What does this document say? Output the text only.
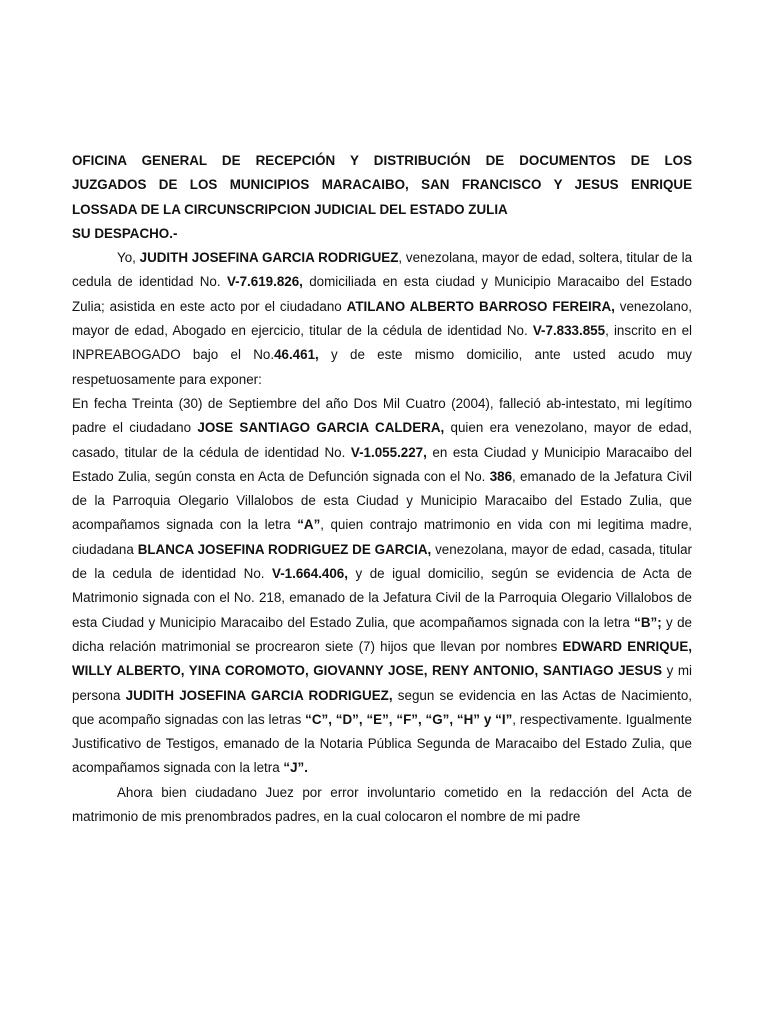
OFICINA GENERAL DE RECEPCIÓN Y DISTRIBUCIÓN DE DOCUMENTOS DE LOS

JUZGADOS DE LOS MUNICIPIOS MARACAIBO, SAN FRANCISCO Y JESUS ENRIQUE

LOSSADA DE LA CIRCUNSCRIPCION JUDICIAL DEL ESTADO ZULIA

SU DESPACHO.-

Yo, JUDITH JOSEFINA GARCIA RODRIGUEZ, venezolana, mayor de edad, soltera, titular de la cedula de identidad No. V-7.619.826, domiciliada en esta ciudad y Municipio Maracaibo del Estado Zulia; asistida en este acto por el ciudadano ATILANO ALBERTO BARROSO FEREIRA, venezolano, mayor de edad, Abogado en ejercicio, titular de la cédula de identidad No. V-7.833.855, inscrito en el INPREABOGADO bajo el No.46.461, y de este mismo domicilio, ante usted acudo muy respetuosamente para exponer:

En fecha Treinta (30) de Septiembre del año Dos Mil Cuatro (2004), falleció ab-intestato, mi legítimo padre el ciudadano JOSE SANTIAGO GARCIA CALDERA, quien era venezolano, mayor de edad, casado, titular de la cédula de identidad No. V-1.055.227, en esta Ciudad y Municipio Maracaibo del Estado Zulia, según consta en Acta de Defunción signada con el No. 386, emanado de la Jefatura Civil de la Parroquia Olegario Villalobos de esta Ciudad y Municipio Maracaibo del Estado Zulia, que acompañamos signada con la letra “A”, quien contrajo matrimonio en vida con mi legitima madre, ciudadana BLANCA JOSEFINA RODRIGUEZ DE GARCIA, venezolana, mayor de edad, casada, titular de la cedula de identidad No. V-1.664.406, y de igual domicilio, según se evidencia de Acta de Matrimonio signada con el No. 218, emanado de la Jefatura Civil de la Parroquia Olegario Villalobos de esta Ciudad y Municipio Maracaibo del Estado Zulia, que acompañamos signada con la letra “B”; y de dicha relación matrimonial se procrearon siete (7) hijos que llevan por nombres EDWARD ENRIQUE, WILLY ALBERTO, YINA COROMOTO, GIOVANNY JOSE, RENY ANTONIO, SANTIAGO JESUS y mi persona JUDITH JOSEFINA GARCIA RODRIGUEZ, segun se evidencia en las Actas de Nacimiento, que acompaño signadas con las letras “C”, “D”, “E”, “F”, “G”, “H” y “I”, respectivamente. Igualmente Justificativo de Testigos, emanado de la Notaria Pública Segunda de Maracaibo del Estado Zulia, que acompañamos signada con la letra “J”.

Ahora bien ciudadano Juez por error involuntario cometido en la redacción del Acta de matrimonio de mis prenombrados padres, en la cual colocaron el nombre de mi padre
